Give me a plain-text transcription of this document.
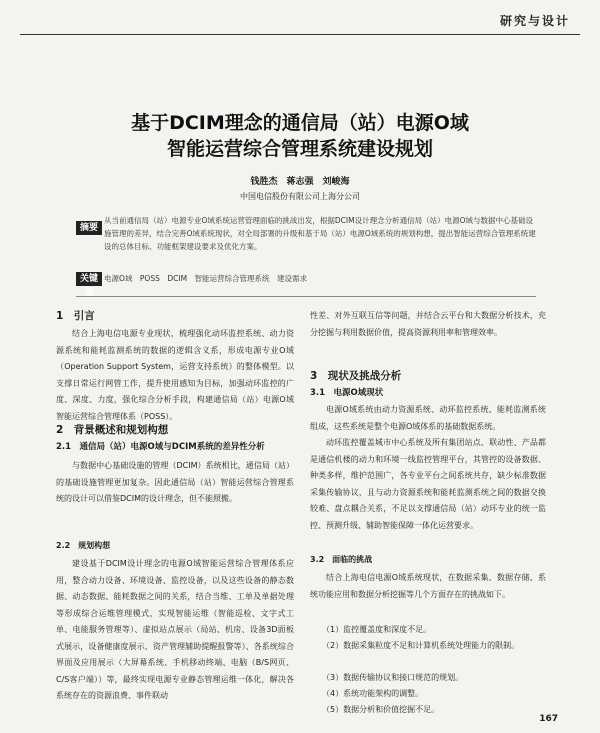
研究与设计
基于DCIM理念的通信局（站）电源O域
智能运营综合管理系统建设规划
钱胜杰　蒋志强　刘峻海
中国电信股份有限公司上海分公司
摘要
从当前通信局（站）电源专业O域系统运营管理面临的挑战出发，根据DCIM设计理念分析通信局（站）电源O域与数据中心基础设施管理的差异，结合完善O域系统现状，对全局部署的升级和基于局（站）电源O域系统的规划构想，提出智能运营综合管理系统建设的总体目标、功能框架建设要求及优化方案。
关键词
电源O域　POSS　DCIM　智能运营综合管理系统　建设需求
1　引言

结合上海电信电源专业现状，梳理强化动环监控系统、动力资源系统和能耗监测系统的数据的逻辑含义系，形成电源专业O域（Operation Support System，运营支持系统）的整体模型。以支撑日常运行网管工作，提升使用感知为目标，加强动环监控的广度、深度、力度，强化综合分析手段，构建通信局（站）电源O域智能运营综合管理体系（POSS）。

2　背景概述和规划构想
2.1　通信局（站）电源O域与DCIM系统的差异性分析

与数据中心基础设施的管理（DCIM）系统相比，通信局（站）的基础设施管理更加复杂。因此通信局（站）智能运营综合管理系统的设计可以借鉴DCIM的设计理念，但不能照搬。

2.2　规划构想

建设基于DCIM设计理念的电源O域智能运营综合管理体系应用，整合动力设备、环境设备、监控设备，以及这些设备的静态数据、动态数据、能耗数据之间的关系，结合当维、工单及单据处理等形成综合运维管理模式，实现智能运维（智能巡检、文字式工单、电能服务管理等）、虚拟站点展示（局站、机房、设备3D面板式展示，设备健康度展示、资产管理辅助提醒报警等）、各系统综合界面及应用展示（大屏幕系统、手机移动终端、电脑（B/S网页、C/S客户端））等，最终实现电源专业静态管理运维一体化，解决各系统存在的资源浪费、事件联动

性差、对外互联互信等问题，并结合云平台和大数据分析技术，充分挖掘与利用数据价值，提高资源利用率和管理效率。

3　现状及挑战分析
3.1　电源O域现状

电源O域系统由动力资源系统、动环监控系统、能耗监测系统组成，这些系统是整个电源O域体系的基础数据系统。

动环监控覆盖城市中心系统及所有集团站点、联动性、产品都是通信机楼的动力和环境一线监控管理平台，其管控的设备数据、种类多样，维护范围广，各专业平台之间系统共存，缺少标准数据采集传输协议，且与动力资源系统和能耗监测系统之间的数据交换较难、盘点耦合关系，不足以支撑通信局（站）动环专业的统一监控、预测升级、辅助智能保障一体化运营要求。

3.2　面临的挑战

结合上海电信电源O域系统现状，在数据采集、数据存储、系统功能应用和数据分析挖掘等几个方面存在的挑战如下。

（1）监控覆盖度和深度不足。
（2）数据采集粒度不足和计算机系统处理能力的限制。
（3）数据传输协议和接口规范的规划。
（4）系统功能架构的调整。
（5）数据分析和价值挖掘不足。
167
